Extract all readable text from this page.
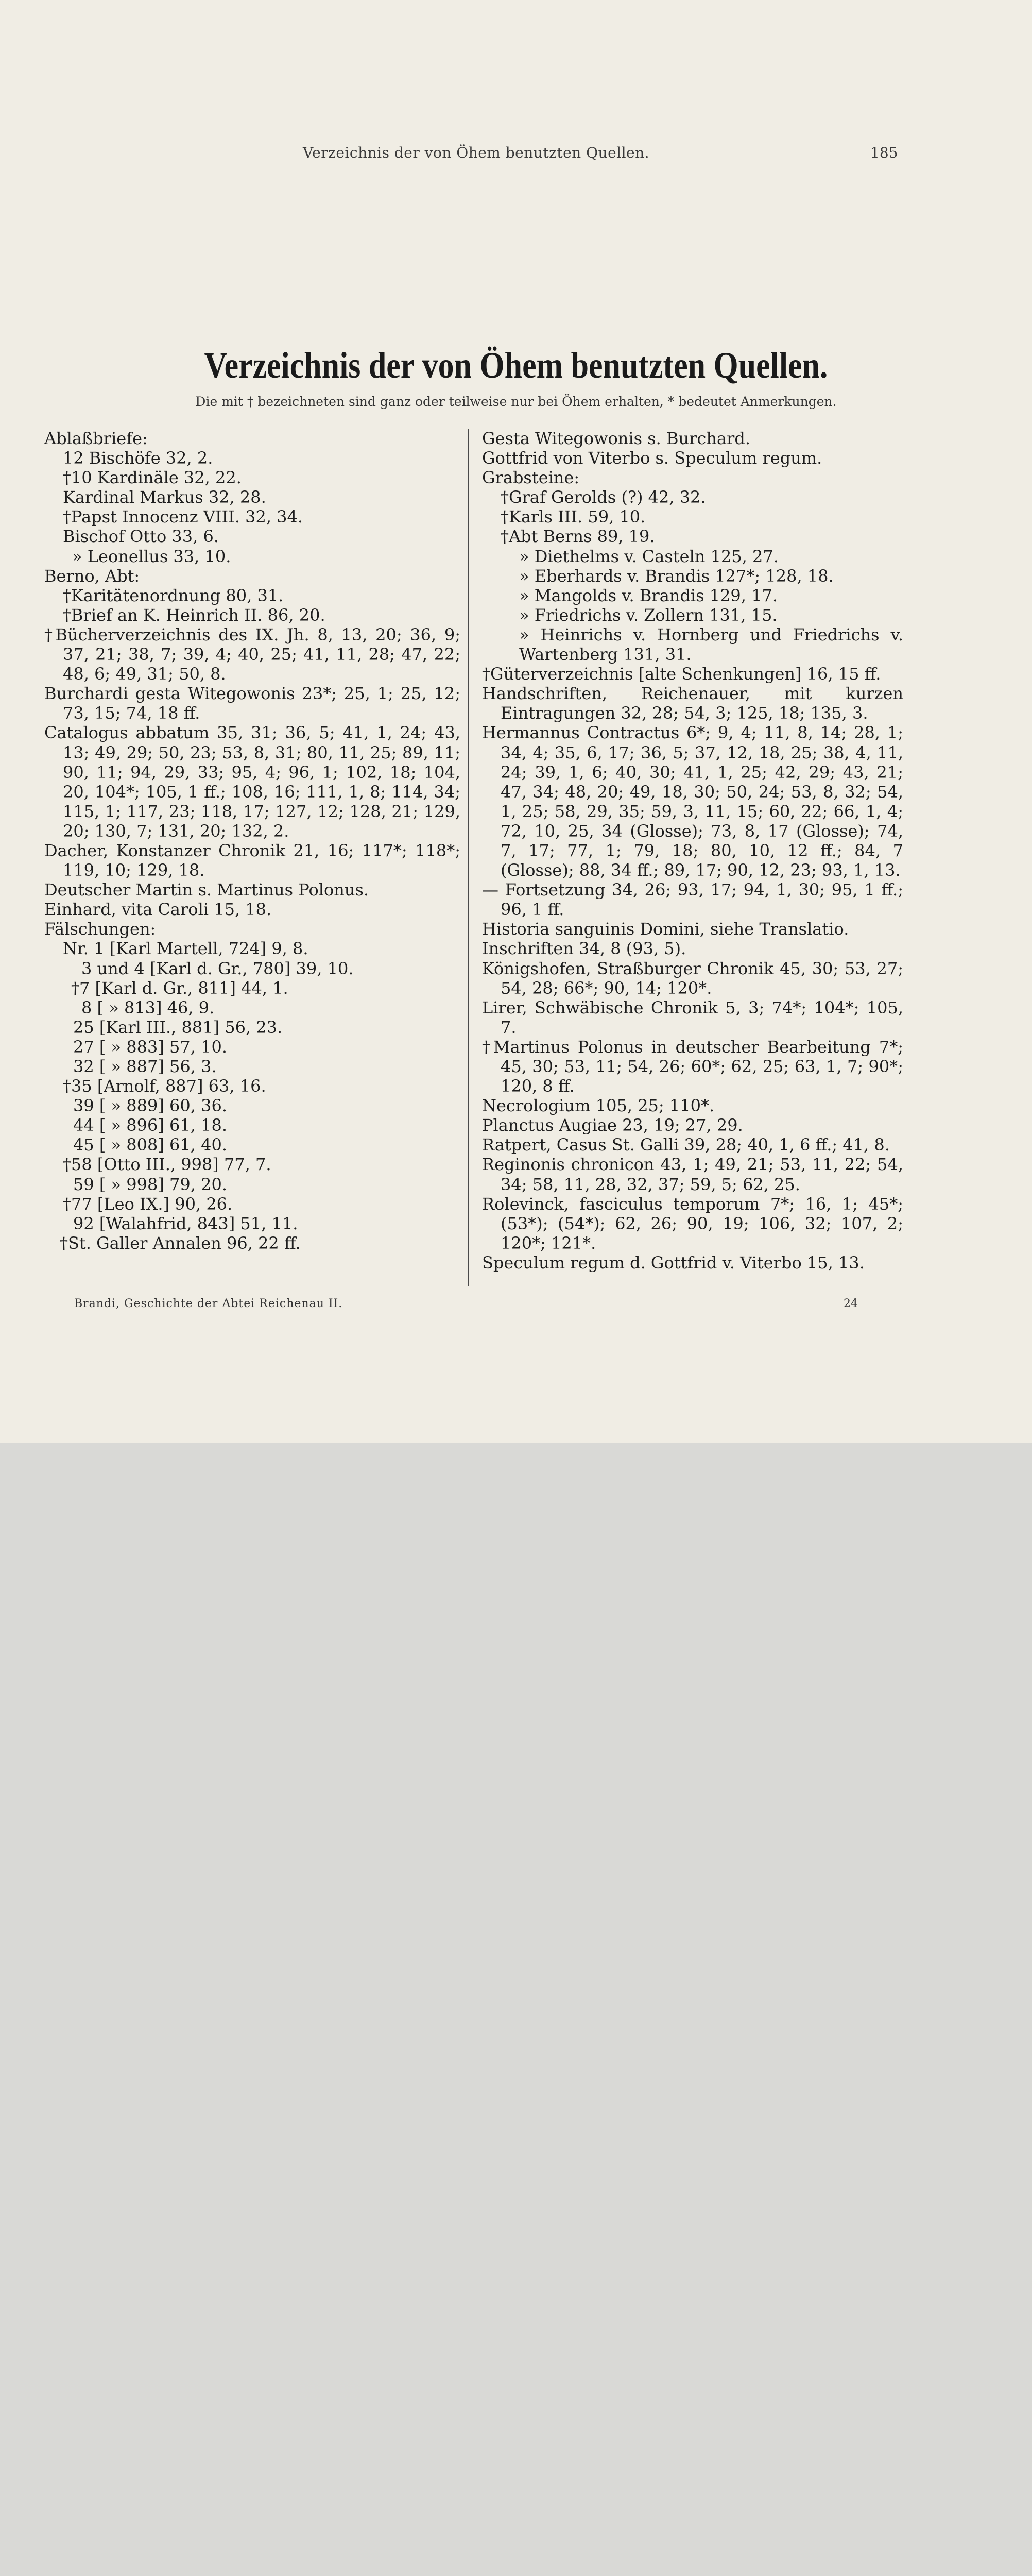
Verzeichnis der von Öhem benutzten Quellen.	185
Verzeichnis der von Öhem benutzten Quellen.
Die mit † bezeichneten sind ganz oder teilweise nur bei Öhem erhalten, * bedeutet Anmerkungen.
Ablaßbriefe:
12 Bischöfe 32, 2.
†10 Kardinäle 32, 22.
Kardinal Markus 32, 28.
†Papst Innocenz VIII. 32, 34.
Bischof Otto 33, 6.
» Leonellus 33, 10.
Berno, Abt:
†Karitätenordnung 80, 31.
†Brief an K. Heinrich II. 86, 20.
†Bücherverzeichnis des IX. Jh. 8, 13, 20; 36, 9; 37, 21; 38, 7; 39, 4; 40, 25; 41, 11, 28; 47, 22; 48, 6; 49, 31; 50, 8.
Burchardi gesta Witegowonis 23*; 25, 1; 25, 12; 73, 15; 74, 18 ff.
Catalogus abbatum 35, 31; 36, 5; 41, 1, 24; 43, 13; 49, 29; 50, 23; 53, 8, 31; 80, 11, 25; 89, 11; 90, 11; 94, 29, 33; 95, 4; 96, 1; 102, 18; 104, 20, 104*; 105, 1 ff.; 108, 16; 111, 1, 8; 114, 34; 115, 1; 117, 23; 118, 17; 127, 12; 128, 21; 129, 20; 130, 7; 131, 20; 132, 2.
Dacher, Konstanzer Chronik 21, 16; 117*; 118*; 119, 10; 129, 18.
Deutscher Martin s. Martinus Polonus.
Einhard, vita Caroli 15, 18.
Fälschungen:
Nr. 1 [Karl Martell, 724] 9, 8.
3 und 4 [Karl d. Gr., 780] 39, 10.
†7 [Karl d. Gr., 811] 44, 1.
8 [ » 813] 46, 9.
25 [Karl III., 881] 56, 23.
27 [ » 883] 57, 10.
32 [ » 887] 56, 3.
†35 [Arnolf, 887] 63, 16.
39 [ » 889] 60, 36.
44 [ » 896] 61, 18.
45 [ » 808] 61, 40.
†58 [Otto III., 998] 77, 7.
59 [ » 998] 79, 20.
†77 [Leo IX.] 90, 26.
92 [Walahfrid, 843] 51, 11.
†St. Galler Annalen 96, 22 ff.
Gesta Witegowonis s. Burchard.
Gottfrid von Viterbo s. Speculum regum.
Grabsteine:
†Graf Gerolds (?) 42, 32.
†Karls III. 59, 10.
†Abt Berns 89, 19.
» Diethelms v. Casteln 125, 27.
» Eberhards v. Brandis 127*; 128, 18.
» Mangolds v. Brandis 129, 17.
» Friedrichs v. Zollern 131, 15.
» Heinrichs v. Hornberg und Friedrichs v. Wartenberg 131, 31.
†Güterverzeichnis [alte Schenkungen] 16, 15 ff.
Handschriften, Reichenauer, mit kurzen Eintragungen 32, 28; 54, 3; 125, 18; 135, 3.
Hermannus Contractus 6*; 9, 4; 11, 8, 14; 28, 1; 34, 4; 35, 6, 17; 36, 5; 37, 12, 18, 25; 38, 4, 11, 24; 39, 1, 6; 40, 30; 41, 1, 25; 42, 29; 43, 21; 47, 34; 48, 20; 49, 18, 30; 50, 24; 53, 8, 32; 54, 1, 25; 58, 29, 35; 59, 3, 11, 15; 60, 22; 66, 1, 4; 72, 10, 25, 34 (Glosse); 73, 8, 17 (Glosse); 74, 7, 17; 77, 1; 79, 18; 80, 10, 12 ff.; 84, 7 (Glosse); 88, 34 ff.; 89, 17; 90, 12, 23; 93, 1, 13.
— Fortsetzung 34, 26; 93, 17; 94, 1, 30; 95, 1 ff.; 96, 1 ff.
Historia sanguinis Domini, siehe Translatio.
Inschriften 34, 8 (93, 5).
Königshofen, Straßburger Chronik 45, 30; 53, 27; 54, 28; 66*; 90, 14; 120*.
Lirer, Schwäbische Chronik 5, 3; 74*; 104*; 105, 7.
†Martinus Polonus in deutscher Bearbeitung 7*; 45, 30; 53, 11; 54, 26; 60*; 62, 25; 63, 1, 7; 90*; 120, 8 ff.
Necrologium 105, 25; 110*.
Planctus Augiae 23, 19; 27, 29.
Ratpert, Casus St. Galli 39, 28; 40, 1, 6 ff.; 41, 8.
Reginonis chronicon 43, 1; 49, 21; 53, 11, 22; 54, 34; 58, 11, 28, 32, 37; 59, 5; 62, 25.
Rolevinck, fasciculus temporum 7*; 16, 1; 45*; (53*); (54*); 62, 26; 90, 19; 106, 32; 107, 2; 120*; 121*.
Speculum regum d. Gottfrid v. Viterbo 15, 13.
Brandi, Geschichte der Abtei Reichenau II.	24
